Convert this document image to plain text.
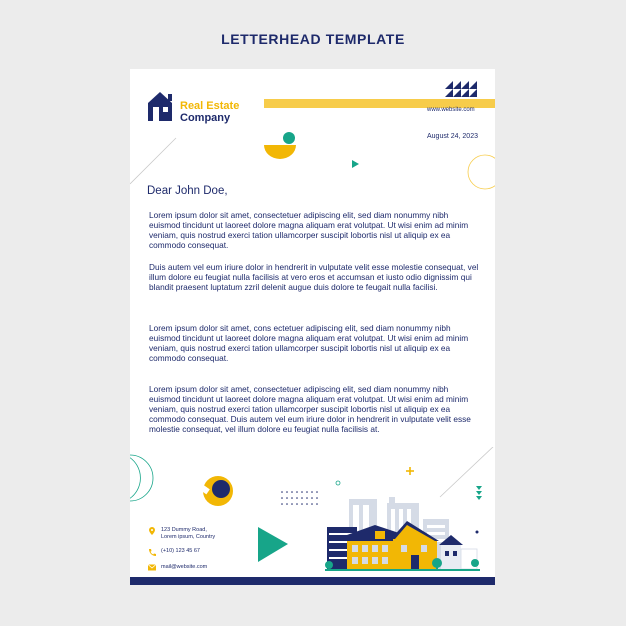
LETTERHEAD TEMPLATE
Real Estate
Company
www.website.com
August 24, 2023
Dear John Doe,

Lorem ipsum dolor sit amet, consectetuer adipiscing elit, sed diam nonummy nibh euismod tincidunt ut laoreet dolore magna aliquam erat volutpat. Ut wisi enim ad minim veniam, quis nostrud exerci tation ullamcorper suscipit lobortis nisl ut aliquip ex ea commodo consequat.

Duis autem vel eum iriure dolor in hendrerit in vulputate velit esse molestie consequat, vel illum dolore eu feugiat nulla facilisis at vero eros et accumsan et iusto odio dignissim qui blandit praesent luptatum zzril delenit augue duis dolore te feugait nulla facilisi.

Lorem ipsum dolor sit amet, cons ectetuer adipiscing elit, sed diam nonummy nibh euismod tincidunt ut laoreet dolore magna aliquam erat volutpat. Ut wisi enim ad minim veniam, quis nostrud exerci tation ullamcorper suscipit lobortis nisl ut aliquip ex ea commodo consequat.

Lorem ipsum dolor sit amet, consectetuer adipiscing elit, sed diam nonummy nibh euismod tincidunt ut laoreet dolore magna aliquam erat volutpat. Ut wisi enim ad minim veniam, quis nostrud exerci tation ullamcorper suscipit lobortis nisl ut aliquip ex ea commodo consequat. Duis autem vel eum iriure dolor in hendrerit in vulputate velit esse molestie consequat, vel illum dolore eu feugiat nulla facilisis at.

123 Dummy Road,
Lorem ipsum, Country
(+10) 123 45 67
mail@website.com
